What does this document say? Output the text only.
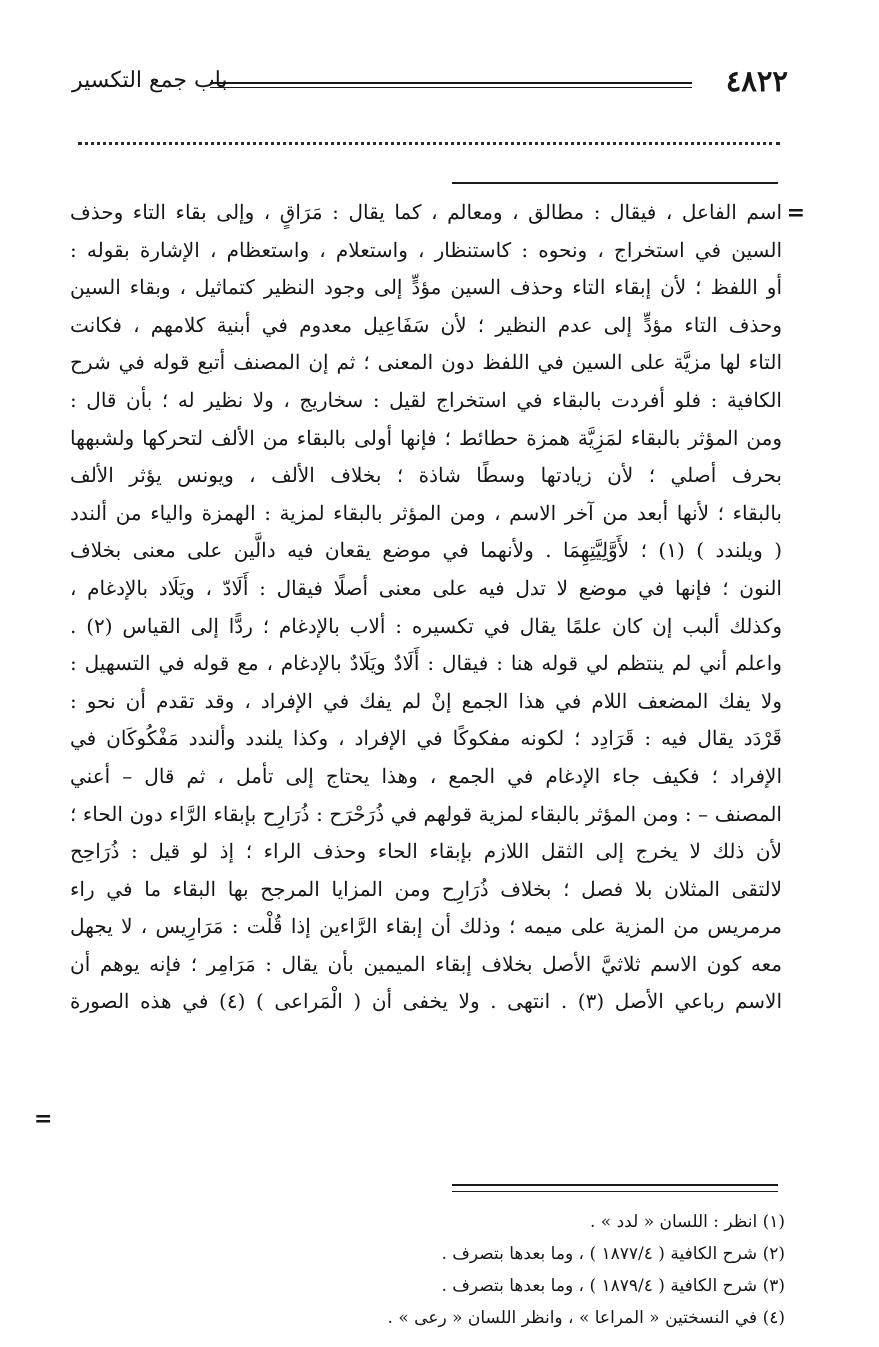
٤٨٢٢
باب جمع التكسير
=
اسم الفاعل ، فيقال : مطالق ، ومعالم ، كما يقال : مَرَاقٍ ، وإلى بقاء التاء وحذف
السين في استخراج ، ونحوه : كاستنظار ، واستعلام ، واستعظام ، الإشارة بقوله :
أو اللفظ ؛ لأن إبقاء التاء وحذف السين مؤدٍّ إلى وجود النظير كتماثيل ، وبقاء السين
وحذف التاء مؤدٍّ إلى عدم النظير ؛ لأن سَفَاعِيل معدوم في أبنية كلامهم ، فكانت
التاء لها مزيَّة على السين في اللفظ دون المعنى ؛ ثم إن المصنف أتبع قوله في شرح
الكافية : فلو أفردت بالبقاء في استخراج لقيل : سخاريج ، ولا نظير له ؛ بأن قال :
ومن المؤثر بالبقاء لمَزِيَّة همزة حطائط ؛ فإنها أولى بالبقاء من الألف لتحركها ولشبهها
بحرف أصلي ؛ لأن زيادتها وسطًا شاذة ؛ بخلاف الألف ، ويونس يؤثر الألف
بالبقاء ؛ لأنها أبعد من آخر الاسم ، ومن المؤثر بالبقاء لمزية : الهمزة والياء من ألندد
( ويلندد ) (١) ؛ لأَوَّلِيَّتِهِمَا . ولأنهما في موضع يقعان فيه دالَّين على معنى بخلاف
النون ؛ فإنها في موضع لا تدل فيه على معنى أصلًا فيقال : أَلَادّ ، ويَلَاد بالإدغام ،
وكذلك ألبب إن كان علمًا يقال في تكسيره : ألاب بالإدغام ؛ ردًّا إلى القياس (٢) .
واعلم أني لم ينتظم لي قوله هنا : فيقال : أَلَادٌ ويَلَادٌ بالإدغام ، مع قوله في التسهيل :
ولا يفك المضعف اللام في هذا الجمع إنْ لم يفك في الإفراد ، وقد تقدم أن نحو :
قَرْدَد يقال فيه : قَرَادِد ؛ لكونه مفكوكًا في الإفراد ، وكذا يلندد وألندد مَفْكُوكَان في
الإفراد ؛ فكيف جاء الإدغام في الجمع ، وهذا يحتاج إلى تأمل ، ثم قال – أعني
المصنف – : ومن المؤثر بالبقاء لمزية قولهم في ذُرَحْرَح : ذُرَارِح بإبقاء الرَّاء دون الحاء ؛
لأن ذلك لا يخرج إلى الثقل اللازم بإبقاء الحاء وحذف الراء ؛ إذ لو قيل : ذُرَاحِح
لالتقى المثلان بلا فصل ؛ بخلاف ذُرَارِح ومن المزايا المرجح بها البقاء ما في راء
مرمريس من المزية على ميمه ؛ وذلك أن إبقاء الرَّاءين إذا قُلْت : مَرَارِيس ، لا يجهل
معه كون الاسم ثلاثيَّ الأصل بخلاف إبقاء الميمين بأن يقال : مَرَامِر ؛ فإنه يوهم أن
الاسم رباعي الأصل (٣) . انتهى . ولا يخفى أن ( الْمَراعى ) (٤) في هذه الصورة
=
(١) انظر : اللسان « لدد » .
(٢) شرح الكافية ( ١٨٧٧/٤ ) ، وما بعدها بتصرف .
(٣) شرح الكافية ( ١٨٧٩/٤ ) ، وما بعدها بتصرف .
(٤) في النسختين « المراعا » ، وانظر اللسان « رعى » .
